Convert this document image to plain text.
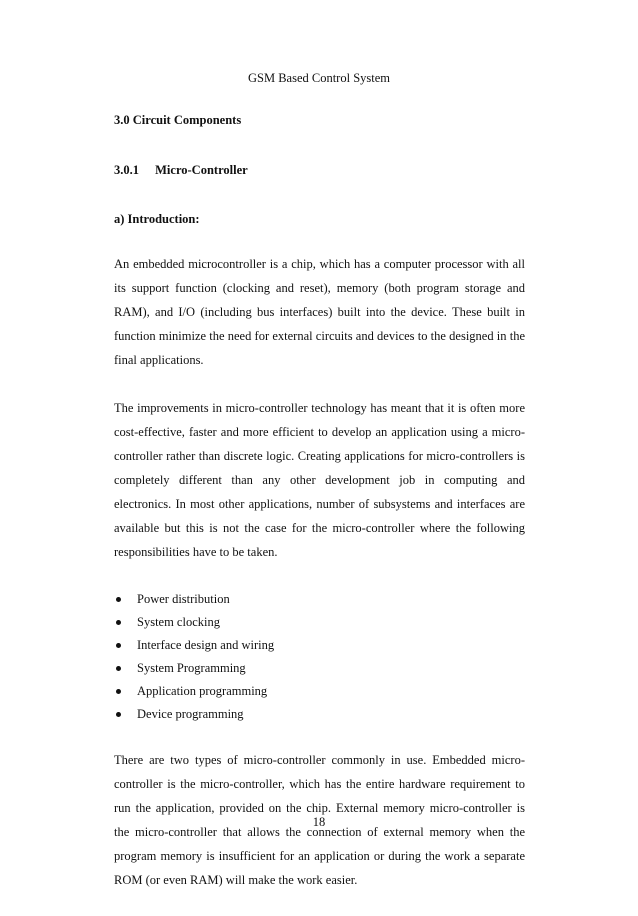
GSM Based Control System

3.0 Circuit Components

3.0.1 Micro-Controller

a) Introduction:

An embedded microcontroller is a chip, which has a computer processor with all its support function (clocking and reset), memory (both program storage and RAM), and I/O (including bus interfaces) built into the device. These built in function minimize the need for external circuits and devices to the designed in the final applications.

The improvements in micro-controller technology has meant that it is often more cost-effective, faster and more efficient to develop an application using a micro-controller rather than discrete logic. Creating applications for micro-controllers is completely different than any other development job in computing and electronics. In most other applications, number of subsystems and interfaces are available but this is not the case for the micro-controller where the following responsibilities have to be taken.

Power distribution
System clocking
Interface design and wiring
System Programming
Application programming
Device programming

There are two types of micro-controller commonly in use. Embedded micro-controller is the micro-controller, which has the entire hardware requirement to run the application, provided on the chip. External memory micro-controller is the micro-controller that allows the connection of external memory when the program memory is insufficient for an application or during the work a separate ROM (or even RAM) will make the work easier.

18
